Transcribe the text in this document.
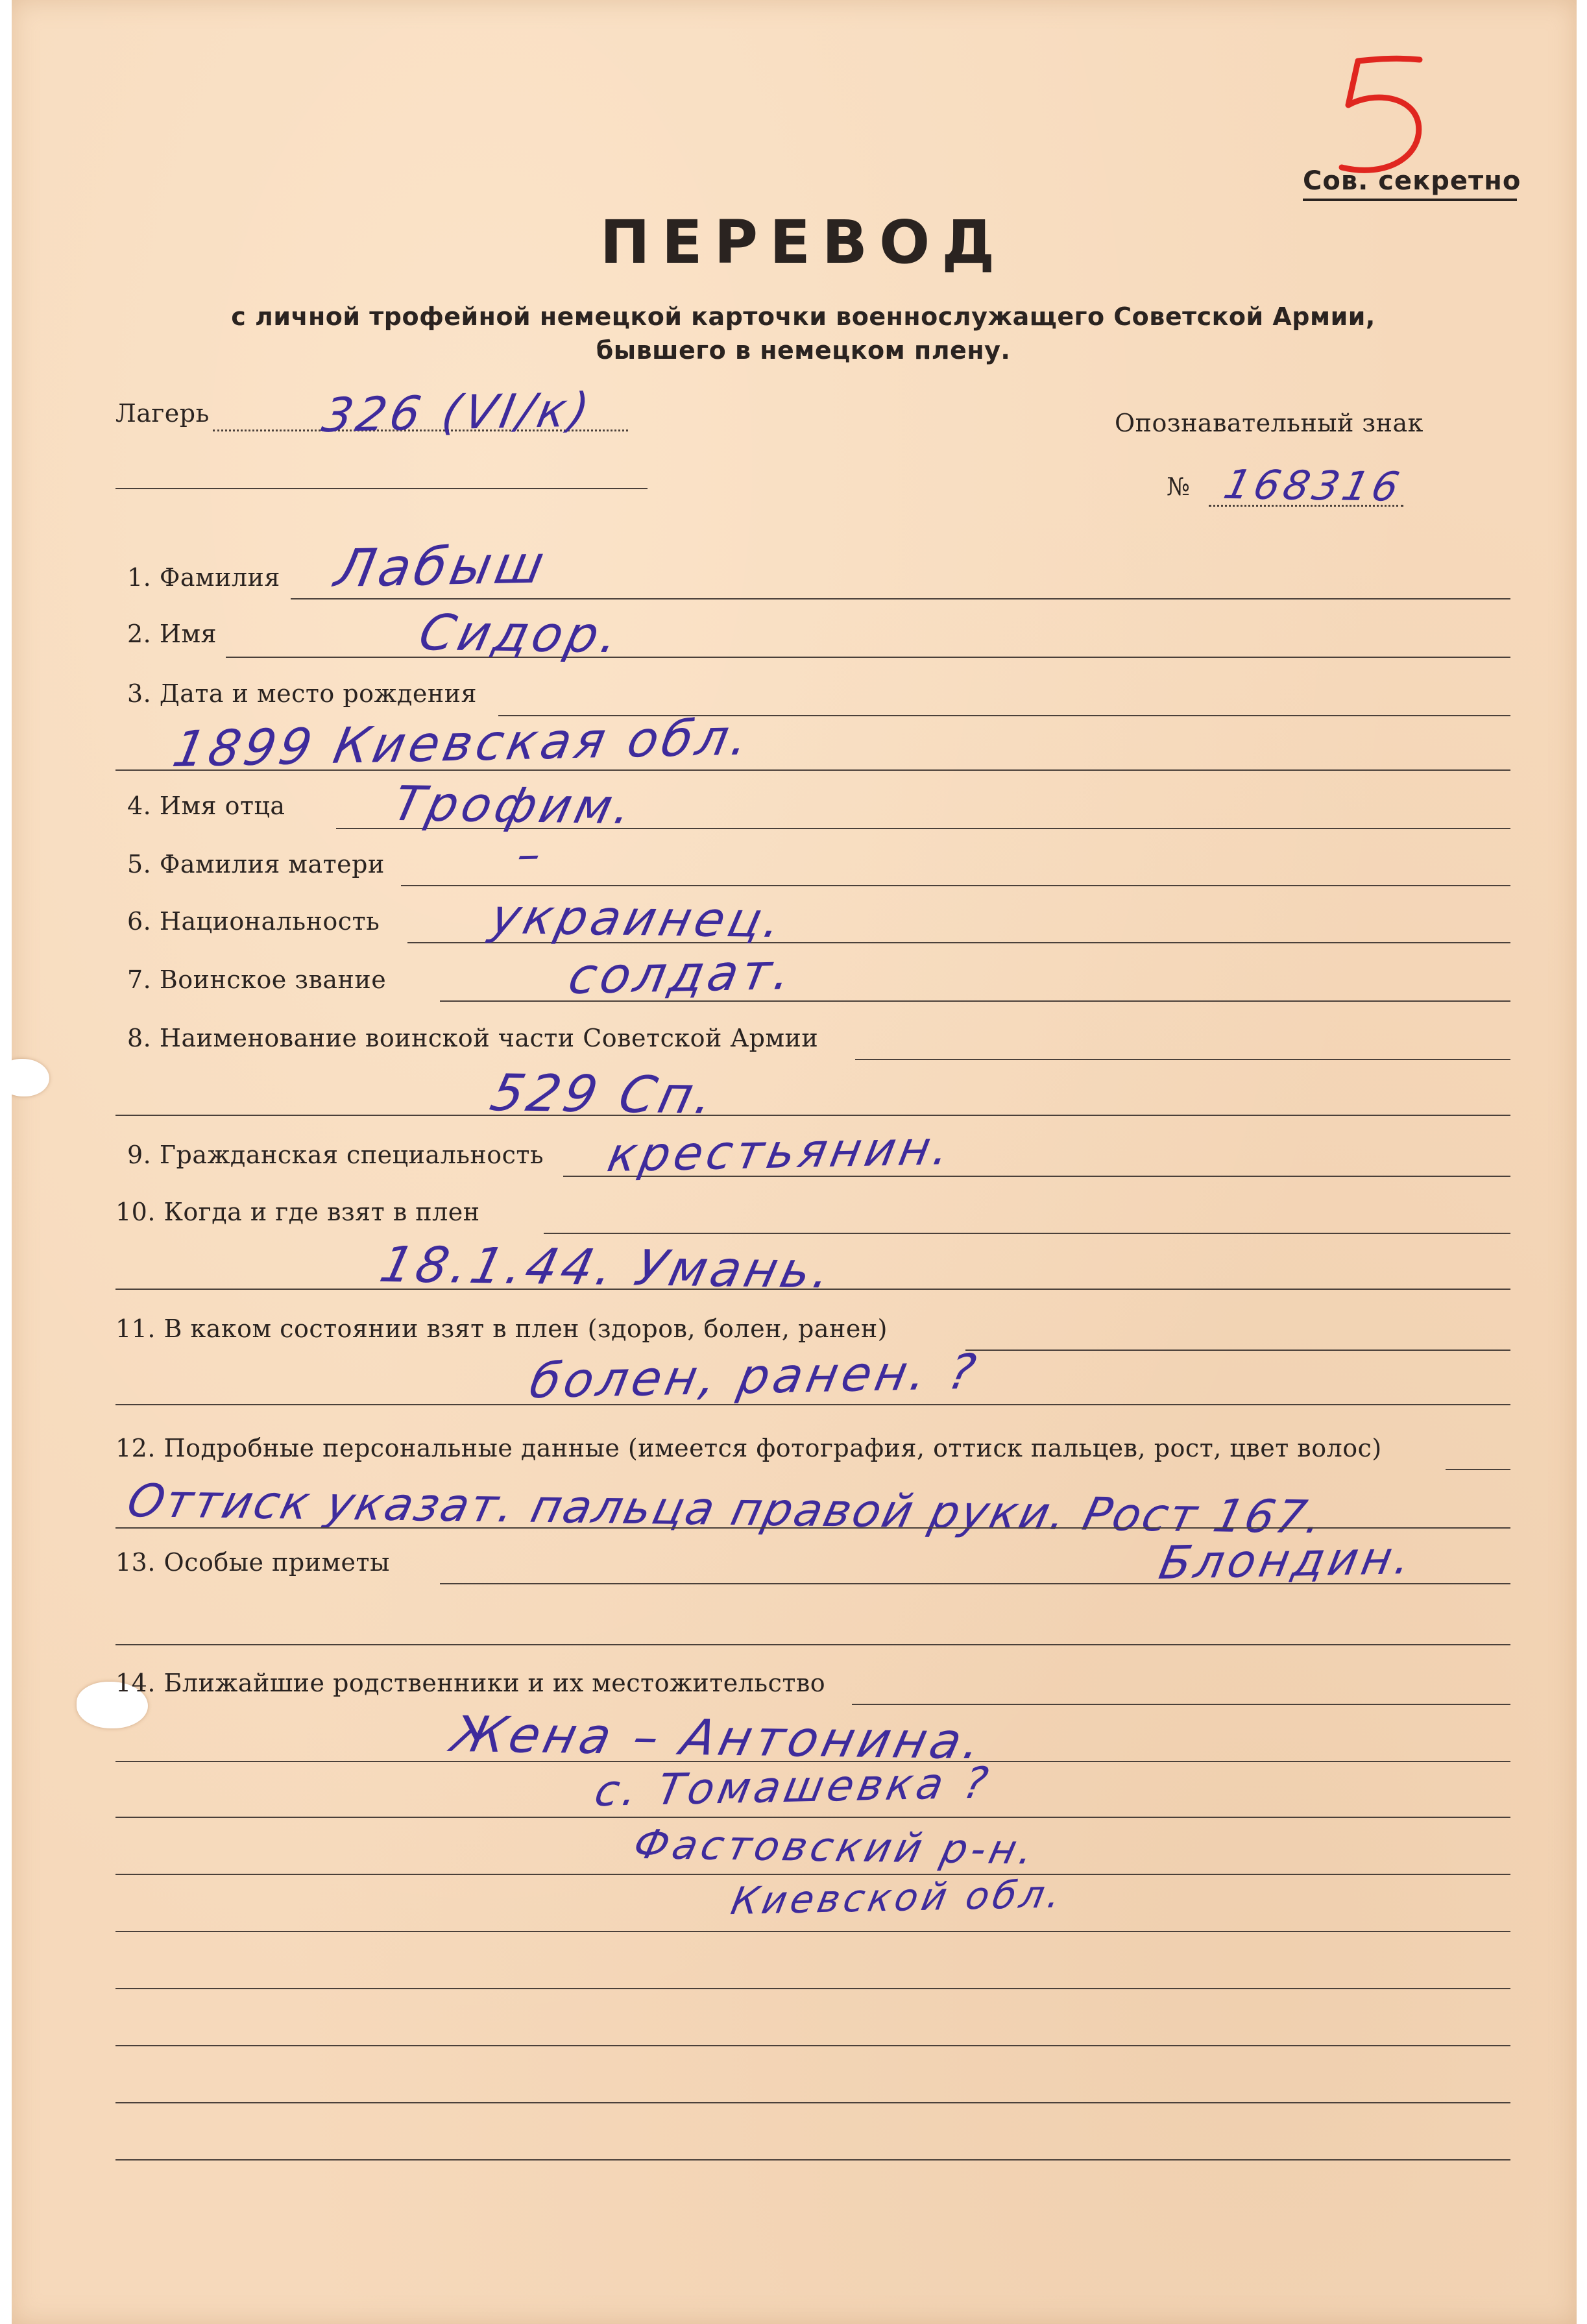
Сов. секретно
ПЕРЕВОД
с личной трофейной немецкой карточки военнослужащего Советской Армии,
бывшего в немецком плену.
Лагерь 326 (VI/к)	Опознавательный знак
№ 168316
1. Фамилия Лабыш
2. Имя	Сидор.
3. Дата и место рождения
1899 Киевская обл.
4. Имя отца Трофим.
5. Фамилия матери	–
6. Национальность украинец.
7. Воинское звание	солдат.
8. Наименование воинской части Советской Армии
529 Сп.
9. Гражданская специальность крестьянин.
10. Когда и где взят в плен
18.1.44. Умань.
11. В каком состоянии взят в плен (здоров, болен, ранен)
болен, ранен. ?
12. Подробные персональные данные (имеется фотография, оттиск пальцев, рост, цвет волос)
Оттиск указат. пальца правой руки. Рост 167.
13. Особые приметы	Блондин.
14. Ближайшие родственники и их местожительство
Жена – Антонина.
с. Томашевка ?
Фастовский р-н.
Киевской обл.
